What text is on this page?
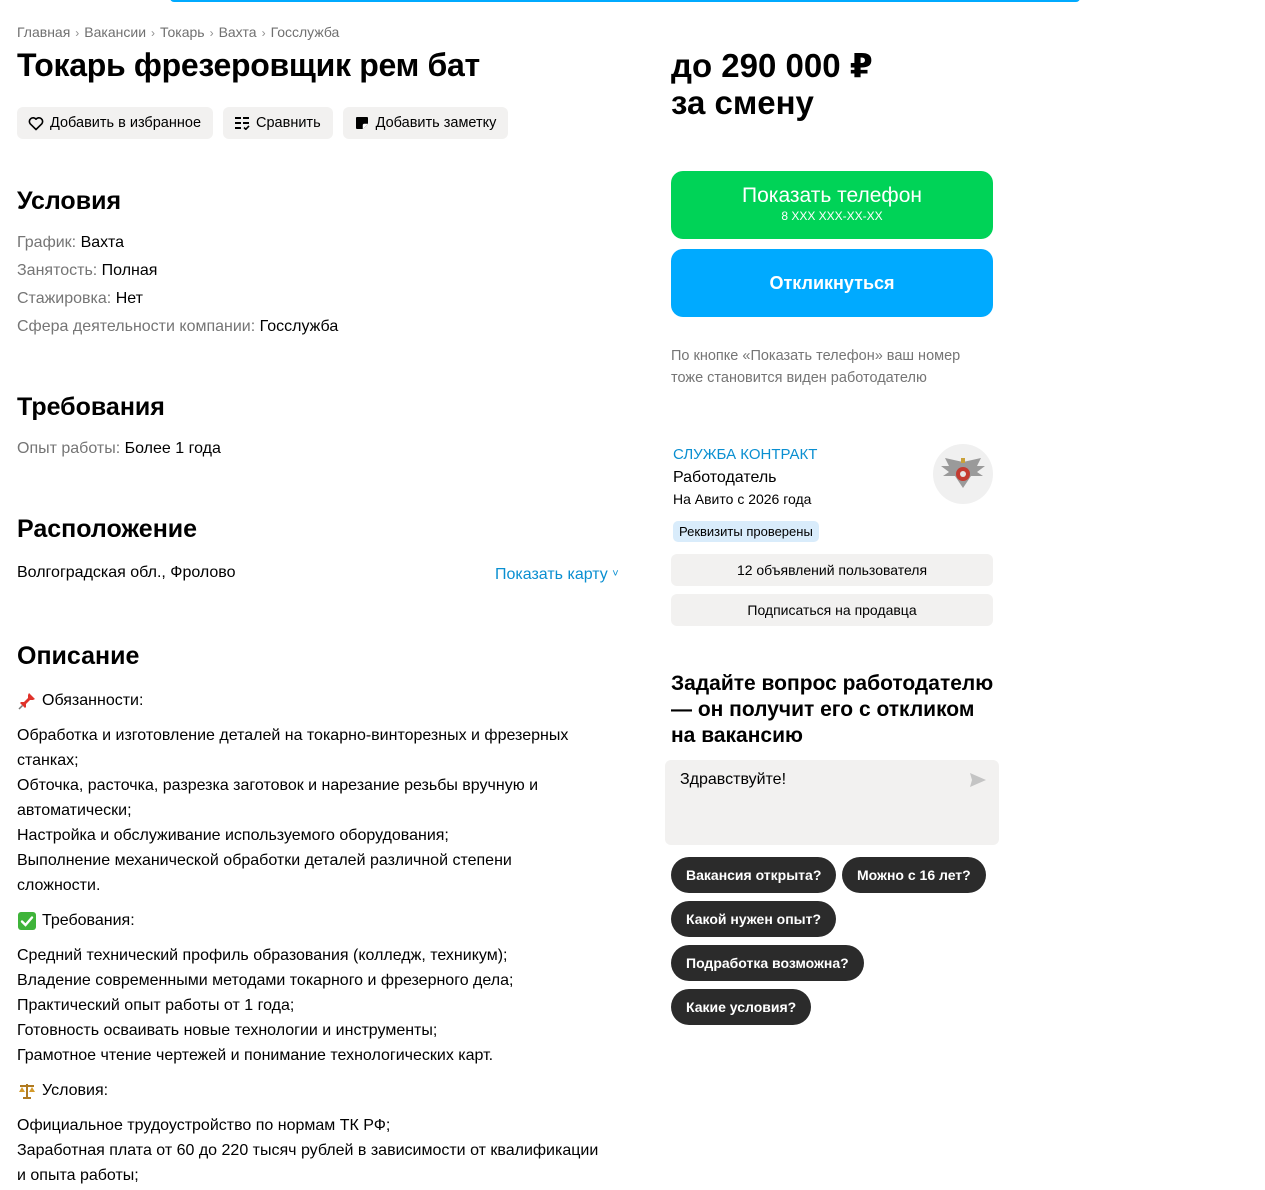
Главная › Вакансии › Токарь › Вахта › Госслужба
Токарь фрезеровщик рем бат
Добавить в избранное	Сравнить	Добавить заметку
Условия
График: Вахта
Занятость: Полная
Стажировка: Нет
Сфера деятельности компании: Госслужба
Требования
Опыт работы: Более 1 года
Расположение
Волгоградская обл., Фролово	Показать карту ˅
Описание
Обязанности:
Обработка и изготовление деталей на токарно-винторезных и фрезерных
станках;
Обточка, расточка, разрезка заготовок и нарезание резьбы вручную и
автоматически;
Настройка и обслуживание используемого оборудования;
Выполнение механической обработки деталей различной степени
сложности.
Требования:
Средний технический профиль образования (колледж, техникум);
Владение современными методами токарного и фрезерного дела;
Практический опыт работы от 1 года;
Готовность осваивать новые технологии и инструменты;
Грамотное чтение чертежей и понимание технологических карт.
Условия:
Официальное трудоустройство по нормам ТК РФ;
Заработная плата от 60 до 220 тысяч рублей в зависимости от квалификации
и опыта работы;
до 290 000 ₽
за смену
Показать телефон
8 XXX XXX-XX-XX
Откликнуться
По кнопке «Показать телефон» ваш номер тоже становится виден работодателю
СЛУЖБА КОНТРАКТ
Работодатель
На Авито с 2026 года
Реквизиты проверены
12 объявлений пользователя
Подписаться на продавца
Задайте вопрос работодателю — он получит его с откликом на вакансию
Здравствуйте!
Вакансия открыта?	Можно с 16 лет?
Какой нужен опыт?
Подработка возможна?
Какие условия?
